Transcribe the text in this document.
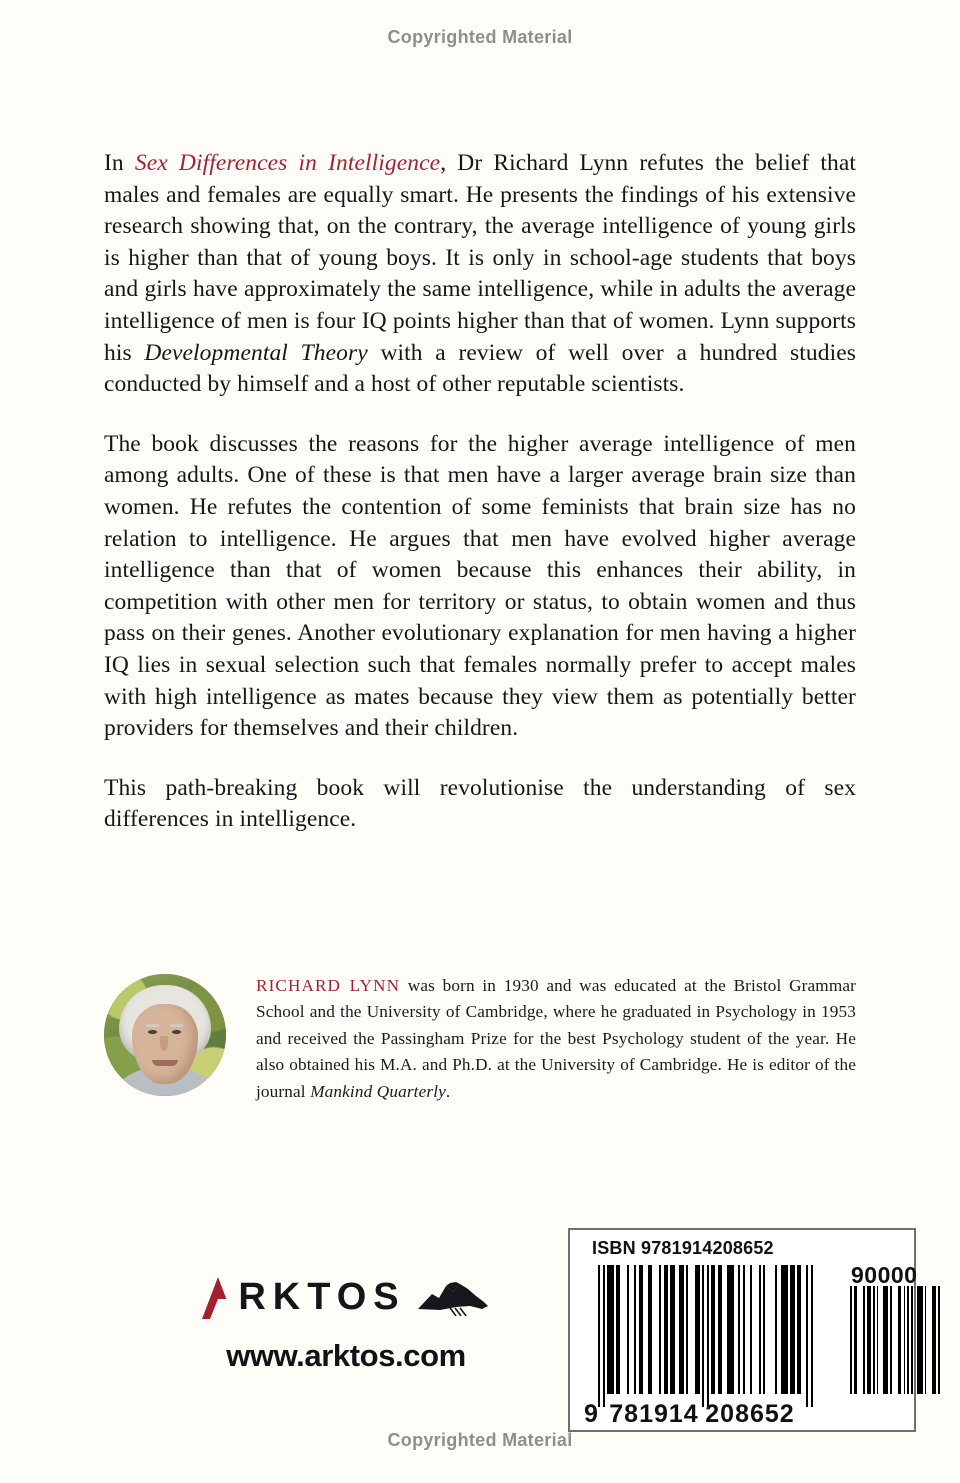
Copyrighted Material

In Sex Differences in Intelligence, Dr Richard Lynn refutes the belief that males and females are equally smart. He presents the findings of his extensive research showing that, on the contrary, the average intelligence of young girls is higher than that of young boys. It is only in school-age students that boys and girls have approximately the same intelligence, while in adults the average intelligence of men is four IQ points higher than that of women. Lynn supports his Developmental Theory with a review of well over a hundred studies conducted by himself and a host of other reputable scientists.

The book discusses the reasons for the higher average intelligence of men among adults. One of these is that men have a larger average brain size than women. He refutes the contention of some feminists that brain size has no relation to intelligence. He argues that men have evolved higher average intelligence than that of women because this enhances their ability, in competition with other men for territory or status, to obtain women and thus pass on their genes. Another evolutionary explanation for men having a higher IQ lies in sexual selection such that females normally prefer to accept males with high intelligence as mates because they view them as potentially better providers for themselves and their children.

This path-breaking book will revolutionise the understanding of sex differences in intelligence.

RICHARD LYNN was born in 1930 and was educated at the Bristol Grammar School and the University of Cambridge, where he graduated in Psychology in 1953 and received the Passingham Prize for the best Psychology student of the year. He also obtained his M.A. and Ph.D. at the University of Cambridge. He is editor of the journal Mankind Quarterly.
RKTOS
www.arktos.com
ISBN 9781914208652
90000
9 781914 208652
Copyrighted Material
